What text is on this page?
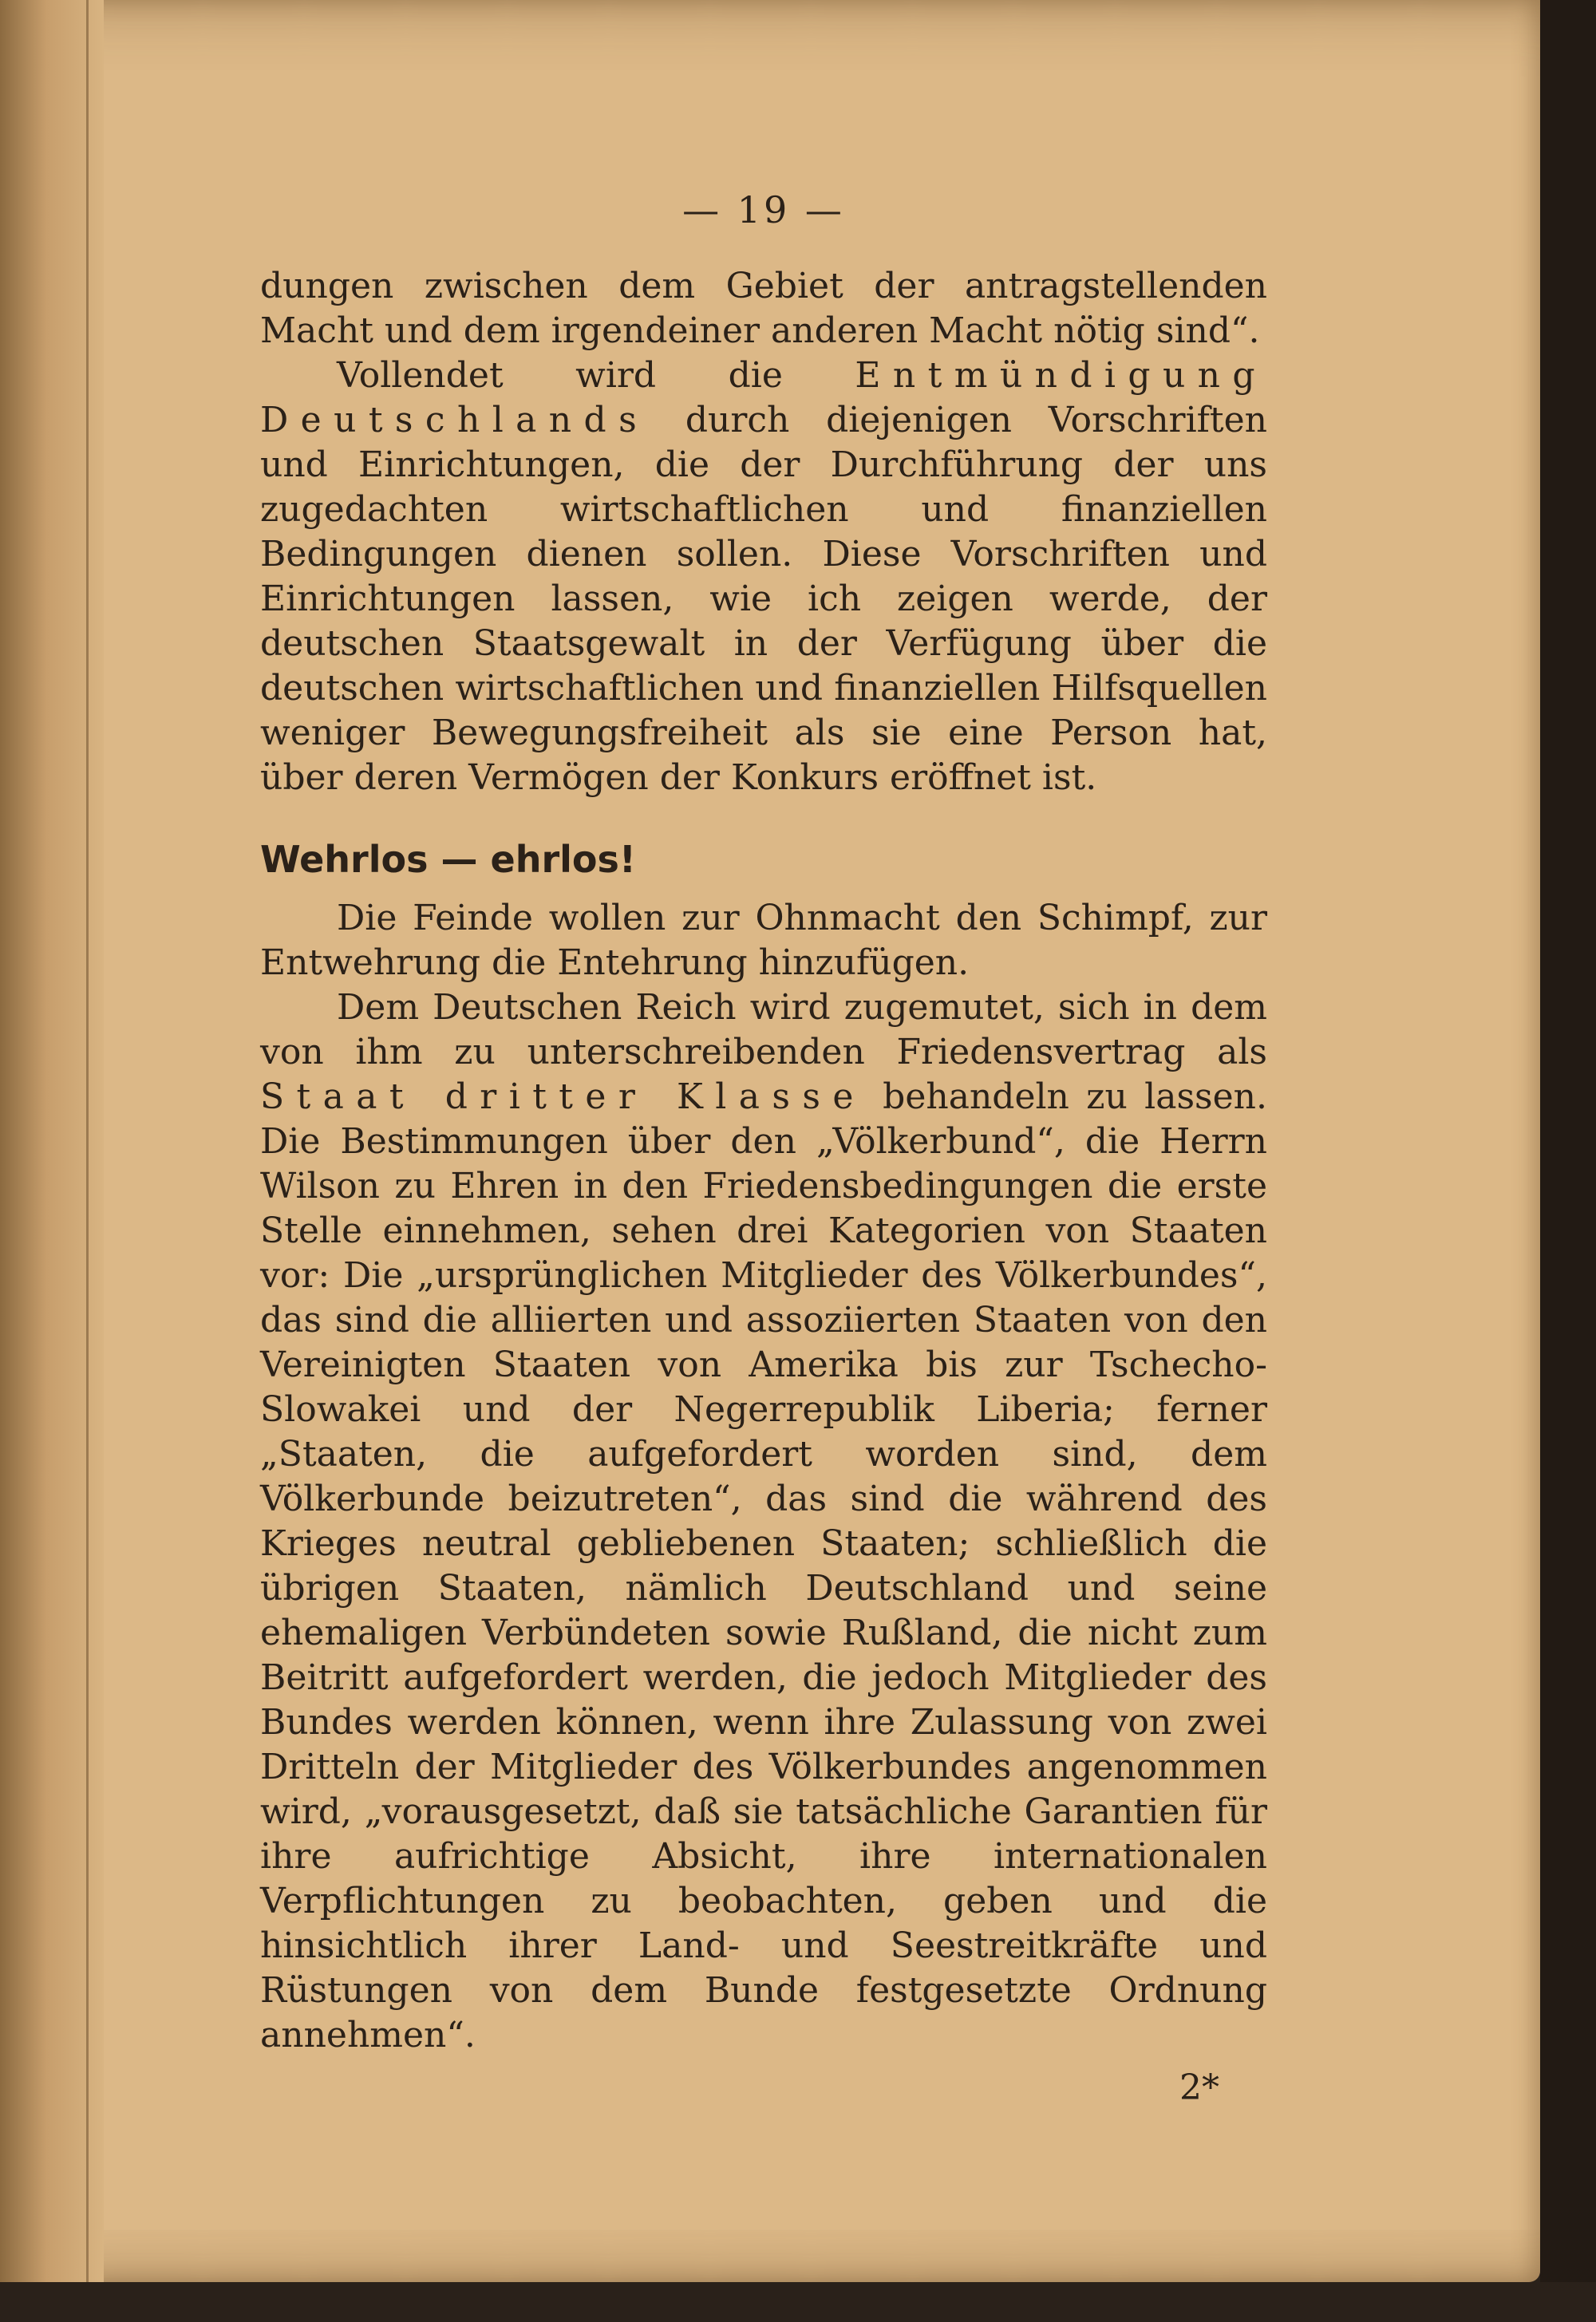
— 19 —

dungen zwischen dem Gebiet der antragstellenden Macht und dem irgendeiner anderen Macht nötig sind“.

Vollendet wird die Entmündigung Deutschlands durch diejenigen Vorschriften und Einrichtungen, die der Durchführung der uns zugedachten wirtschaftlichen und finanziellen Bedingungen dienen sollen. Diese Vorschriften und Einrichtungen lassen, wie ich zeigen werde, der deutschen Staatsgewalt in der Verfügung über die deutschen wirtschaftlichen und finanziellen Hilfsquellen weniger Bewegungsfreiheit als sie eine Person hat, über deren Vermögen der Konkurs eröffnet ist.

Wehrlos — ehrlos!

Die Feinde wollen zur Ohnmacht den Schimpf, zur Entwehrung die Entehrung hinzufügen.

Dem Deutschen Reich wird zugemutet, sich in dem von ihm zu unterschreibenden Friedensvertrag als Staat dritter Klasse behandeln zu lassen. Die Bestimmungen über den „Völkerbund“, die Herrn Wilson zu Ehren in den Friedensbedingungen die erste Stelle einnehmen, sehen drei Kategorien von Staaten vor: Die „ursprünglichen Mitglieder des Völkerbundes“, das sind die alliierten und assoziierten Staaten von den Vereinigten Staaten von Amerika bis zur Tschecho-Slowakei und der Negerrepublik Liberia; ferner „Staaten, die aufgefordert worden sind, dem Völkerbunde beizutreten“, das sind die während des Krieges neutral gebliebenen Staaten; schließlich die übrigen Staaten, nämlich Deutschland und seine ehemaligen Verbündeten sowie Rußland, die nicht zum Beitritt aufgefordert werden, die jedoch Mitglieder des Bundes werden können, wenn ihre Zulassung von zwei Dritteln der Mitglieder des Völkerbundes angenommen wird, „vorausgesetzt, daß sie tatsächliche Garantien für ihre aufrichtige Absicht, ihre internationalen Verpflichtungen zu beobachten, geben und die hinsichtlich ihrer Land- und Seestreitkräfte und Rüstungen von dem Bunde festgesetzte Ordnung annehmen“.

2*
